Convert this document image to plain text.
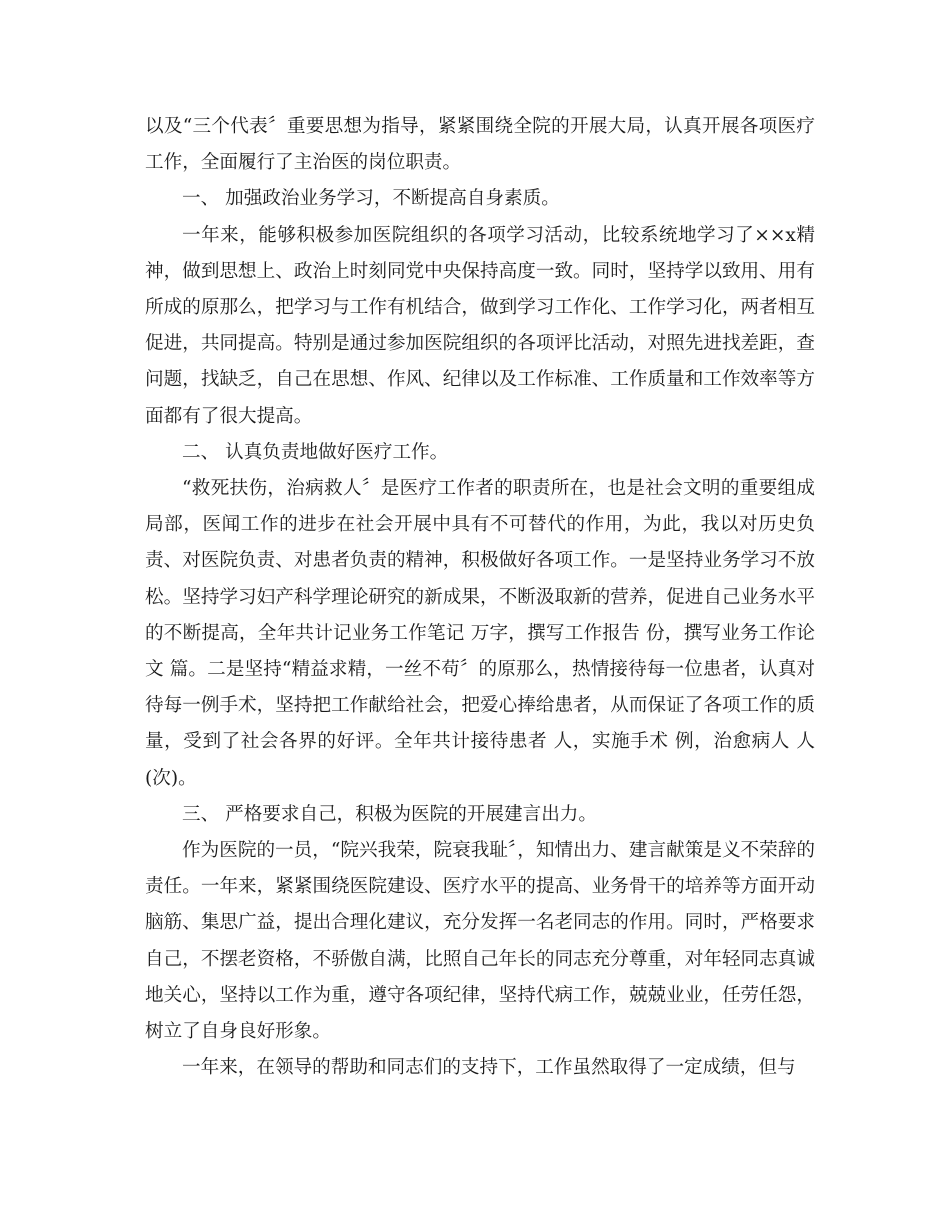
以及“三个代表〞重要思想为指导，紧紧围绕全院的开展大局，认真开展各项医疗工作，全面履行了主治医的岗位职责。

一、 加强政治业务学习，不断提高自身素质。

一年来，能够积极参加医院组织的各项学习活动，比较系统地学习了××x精神，做到思想上、政治上时刻同党中央保持高度一致。同时，坚持学以致用、用有所成的原那么，把学习与工作有机结合，做到学习工作化、工作学习化，两者相互促进，共同提高。特别是通过参加医院组织的各项评比活动，对照先进找差距，查问题，找缺乏，自己在思想、作风、纪律以及工作标准、工作质量和工作效率等方面都有了很大提高。

二、 认真负责地做好医疗工作。

“救死扶伤，治病救人〞是医疗工作者的职责所在，也是社会文明的重要组成局部，医闻工作的进步在社会开展中具有不可替代的作用，为此，我以对历史负责、对医院负责、对患者负责的精神，积极做好各项工作。一是坚持业务学习不放松。坚持学习妇产科学理论研究的新成果，不断汲取新的营养，促进自己业务水平的不断提高，全年共计记业务工作笔记 万字，撰写工作报告 份，撰写业务工作论文 篇。二是坚持“精益求精，一丝不苟〞的原那么，热情接待每一位患者，认真对待每一例手术，坚持把工作献给社会，把爱心捧给患者，从而保证了各项工作的质量，受到了社会各界的好评。全年共计接待患者 人，实施手术 例，治愈病人 人(次)。

三、 严格要求自己，积极为医院的开展建言出力。

作为医院的一员，“院兴我荣，院衰我耻〞，知情出力、建言献策是义不荣辞的责任。一年来，紧紧围绕医院建设、医疗水平的提高、业务骨干的培养等方面开动脑筋、集思广益，提出合理化建议，充分发挥一名老同志的作用。同时，严格要求自己，不摆老资格，不骄傲自满，比照自己年长的同志充分尊重，对年轻同志真诚地关心，坚持以工作为重，遵守各项纪律，坚持代病工作，兢兢业业，任劳任怨，树立了自身良好形象。

一年来，在领导的帮助和同志们的支持下，工作虽然取得了一定成绩，但与
